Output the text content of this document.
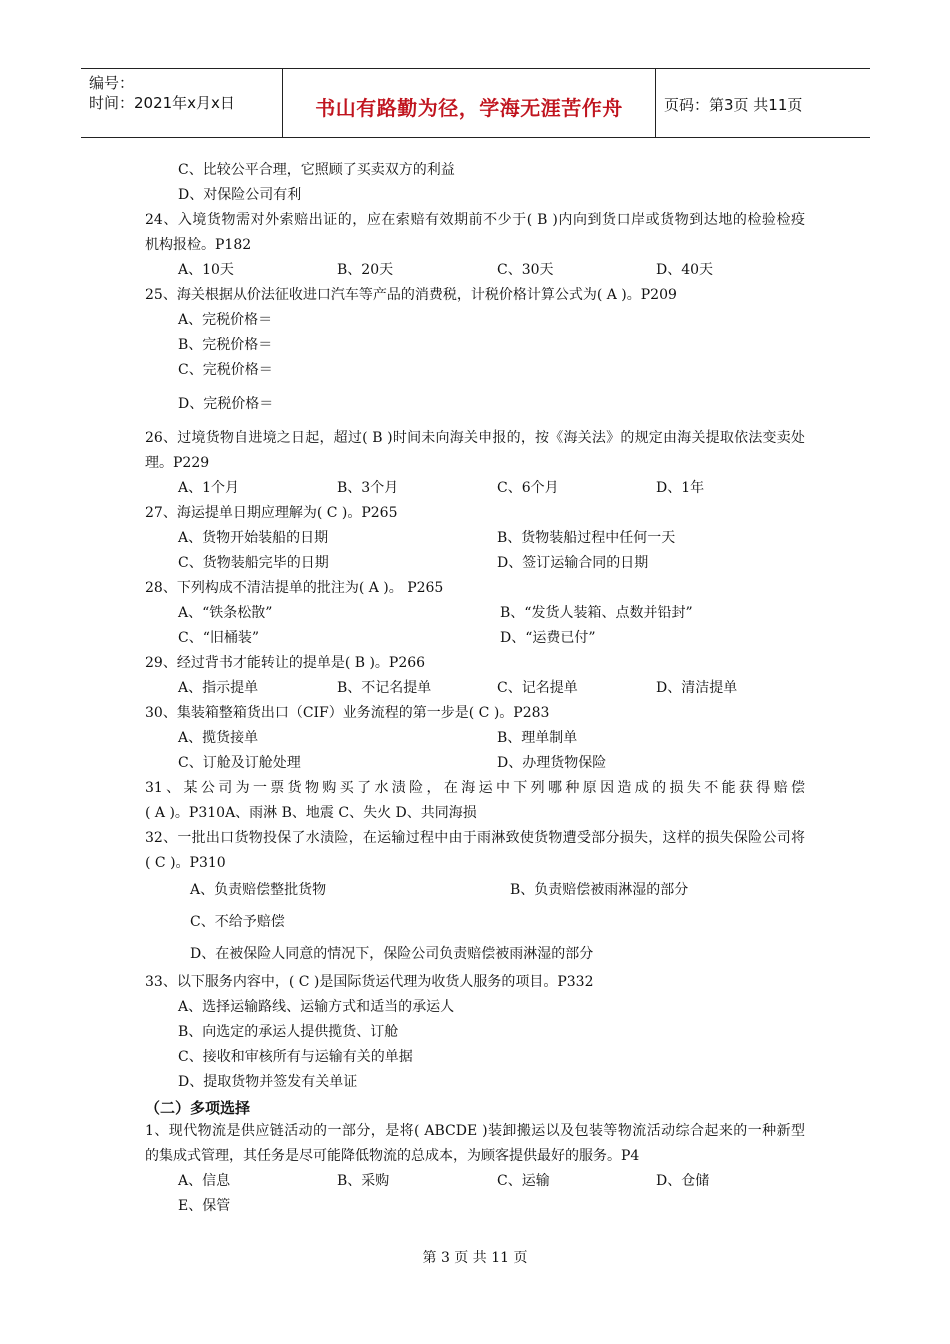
编号：
时间：2021年x月x日	书山有路勤为径，学海无涯苦作舟	页码：第3页 共11页
C、比较公平合理，它照顾了买卖双方的利益
D、对保险公司有利
24、入境货物需对外索赔出证的，应在索赔有效期前不少于( B )内向到货口岸或货物到达地的检验检疫
机构报检。P182
A、10天	B、20天	C、30天	D、40天
25、海关根据从价法征收进口汽车等产品的消费税，计税价格计算公式为( A )。P209
A、完税价格＝
B、完税价格＝
C、完税价格＝
D、完税价格＝
26、过境货物自进境之日起，超过( B )时间未向海关申报的，按《海关法》的规定由海关提取依法变卖处
理。P229
A、1个月	B、3个月	C、6个月	D、1年
27、海运提单日期应理解为( C )。P265
A、货物开始装船的日期	B、货物装船过程中任何一天
C、货物装船完毕的日期	D、签订运输合同的日期
28、下列构成不清洁提单的批注为( A )。 P265
A、“铁条松散”	B、“发货人装箱、点数并铅封”
C、“旧桶装”	D、“运费已付”
29、经过背书才能转让的提单是( B )。P266
A、指示提单	B、不记名提单	C、记名提单	D、清洁提单
30、集装箱整箱货出口（CIF）业务流程的第一步是( C )。P283
A、揽货接单	B、理单制单
C、订舱及订舱处理	D、办理货物保险
31、某公司为一票货物购买了水渍险，在海运中下列哪种原因造成的损失不能获得赔偿
( A )。P310A、雨淋 B、地震 C、失火 D、共同海损
32、一批出口货物投保了水渍险，在运输过程中由于雨淋致使货物遭受部分损失，这样的损失保险公司将
( C )。P310
A、负责赔偿整批货物	B、负责赔偿被雨淋湿的部分
C、不给予赔偿
D、在被保险人同意的情况下，保险公司负责赔偿被雨淋湿的部分
33、以下服务内容中，( C )是国际货运代理为收货人服务的项目。P332
A、选择运输路线、运输方式和适当的承运人
B、向选定的承运人提供揽货、订舱
C、接收和审核所有与运输有关的单据
D、提取货物并签发有关单证
（二）多项选择
1、现代物流是供应链活动的一部分，是将( ABCDE )装卸搬运以及包装等物流活动综合起来的一种新型
的集成式管理，其任务是尽可能降低物流的总成本，为顾客提供最好的服务。P4
A、信息	B、采购	C、运输	D、仓储
E、保管
第 3 页 共 11 页
